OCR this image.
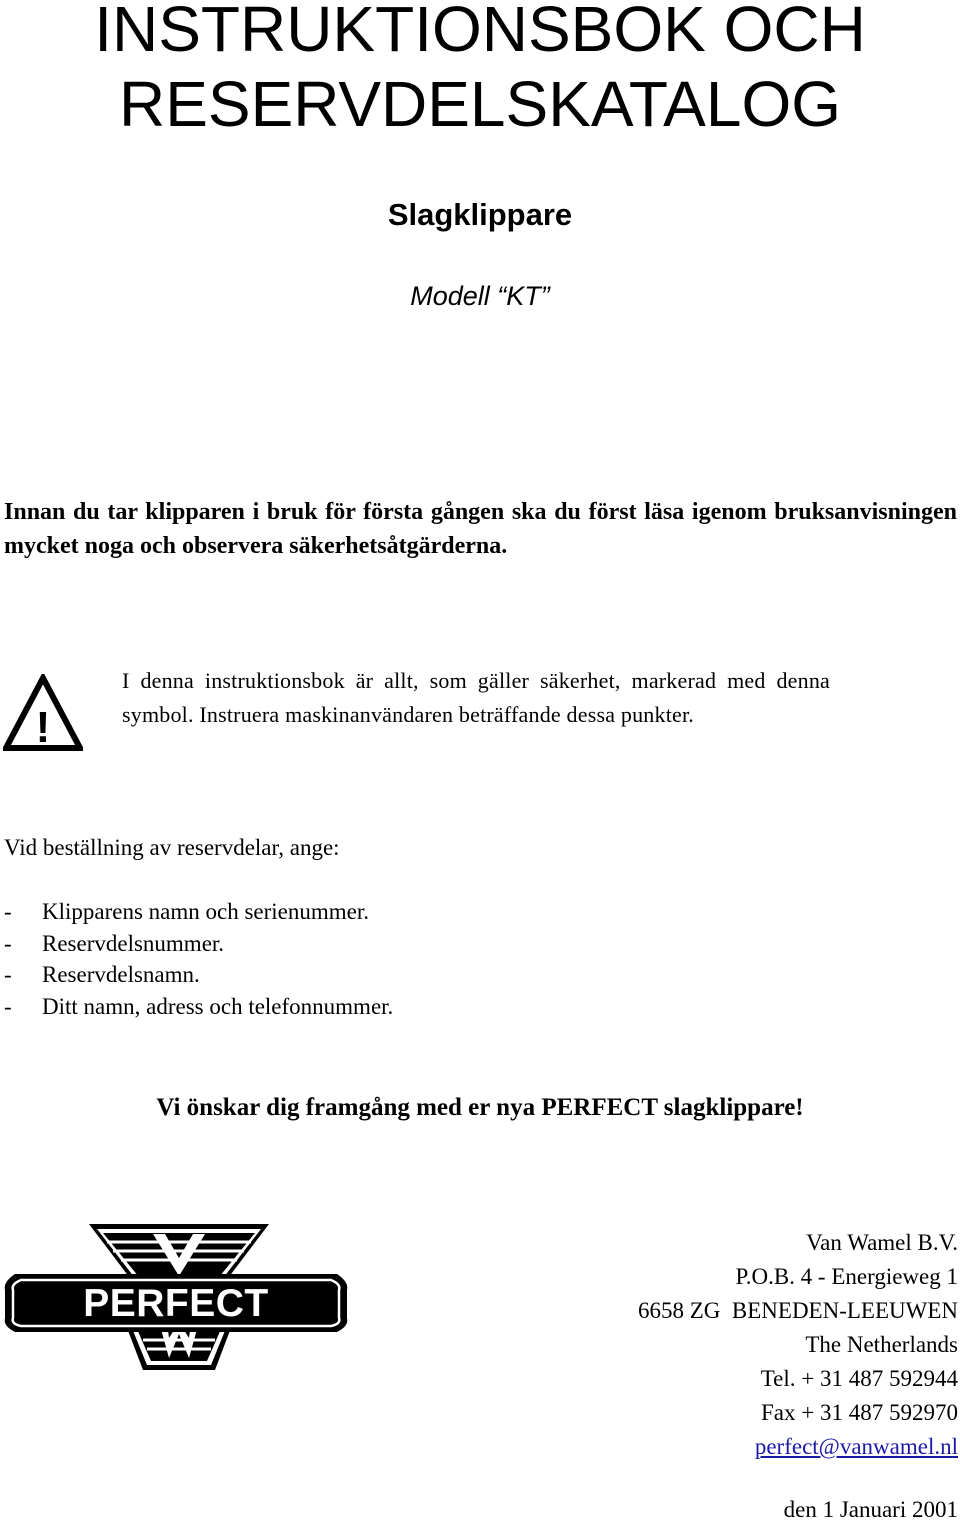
INSTRUKTIONSBOK OCH
RESERVDELSKATALOG
Slagklippare
Modell “KT”

Innan du tar klipparen i bruk för första gången ska du först läsa igenom bruksanvisningen mycket noga och observera säkerhetsåtgärderna.

!

I denna instruktionsbok är allt, som gäller säkerhet, markerad med denna symbol. Instruera maskinanvändaren beträffande dessa punkter.

Vid beställning av reservdelar, ange:
- Klipparens namn och serienummer.
- Reservdelsnummer.
- Reservdelsnamn.
- Ditt namn, adress och telefonnummer.
Vi önskar dig framgång med er nya PERFECT slagklippare!
PERFECT
Van Wamel B.V.
P.O.B. 4 - Energieweg 1
6658 ZG  BENEDEN-LEEUWEN
The Netherlands
Tel. + 31 487 592944
Fax + 31 487 592970
perfect@vanwamel.nl
den 1 Januari 2001
